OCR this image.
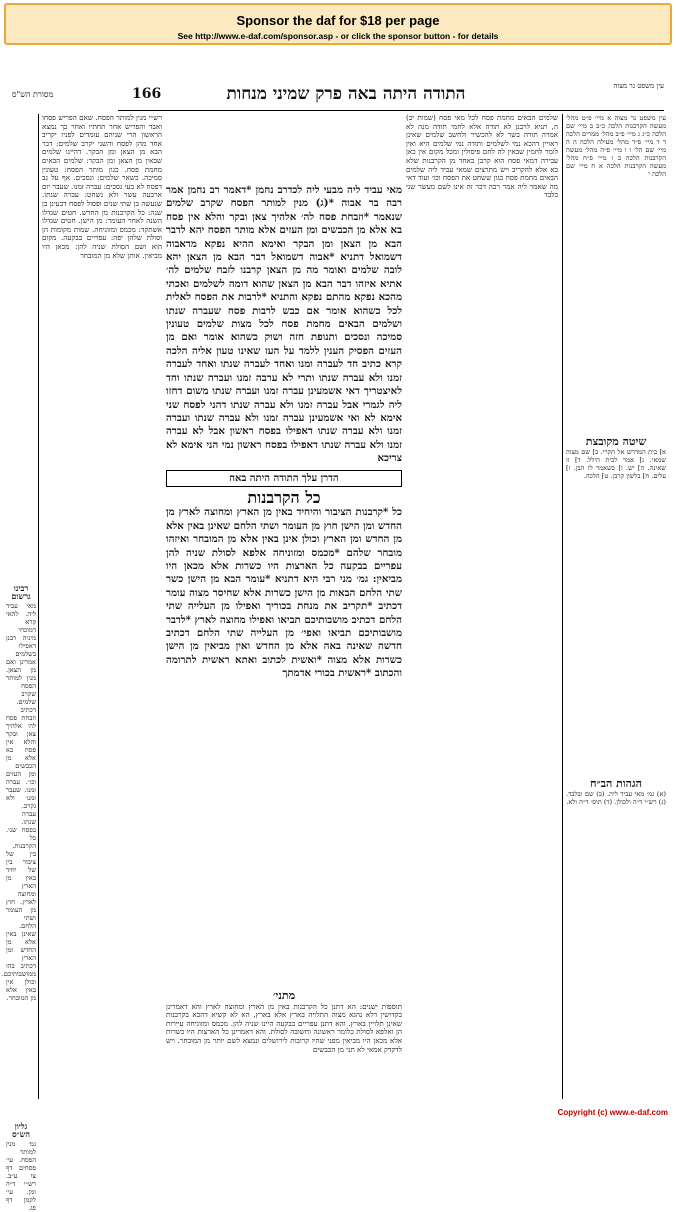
Sponsor the daf for $18 per page
See http://www.e-daf.com/sponsor.asp - or click the sponsor button - for details
מסורת הש"ס	166	התודה היתה באה פרק שמיני מנחות	עין משפט נר מצוה

עין משפט נר מצוה א מיי׳ פ״ט מהל׳ מעשה הקרבנות הלכה כ״ב ב מיי׳ שם הלכה כ״ג ג מיי׳ פ״ב מהל׳ ממרים הלכה ד ד מיי׳ פ״ד מהל׳ מעילה הלכה ה ה מיי׳ שם הל׳ ו ו מיי׳ פ״ה מהל׳ מעשה הקרבנות הלכה ב ז מיי׳ פ״ח מהל׳ מעשה הקרבנות הלכה א ח מיי׳ שם הלכה י

שיטה מקובצת

א] בית המדרש אל תקרי. ב] שם מצוה שמאי. ג] אמר לבית הילל. ד] זו שאינה. ה] יש. ו] כשאמר לו הבן. ז] עלים. ח] בלשון קרבן. ט] הלכה.

הגהות הב״ח

(א) גמ׳ מאי עביד ליה. (ב) שם ובלבד. (ג) רש״י ד״ה ולכולן. (ד) תוס׳ ד״ה ולא.

שלמים הבאים מחמת פסח לכל מאי פסח (שמות יב) ה, תניא לרבנן לא תודה אלא לחמי תודה מנה לא אמרה תורה בשר לא להכשיר ולחשב שלמים שאינן ראויין דהכא נמי לשלמים ותודה נמי שלמים היא ואין לומר לחמין שבאין לה לחם פיסולין ומכל מקום אין כאן עבירה דמאי פסח הוא קרבן כאחד מן הקרבנות שלא בא אלא להקריב ויש מתרצים שמאי עביד ליה שלמים הבאים מחמת פסח כגון ששחט את הפסח וכו׳ ועוד דאי מה שאמר ליה אמר רבה דבר זה אינו לשם מעשר שני בלבד

מאי עביד ליה מבעי ליה לכדרב נחמן *דאמר רב נחמן אמר רבה בר אבוה *(ג) מנין למותר הפסח שקרב שלמים שנאמר *וזבחת פסח לה׳ אלהיך צאן ובקר והלא אין פסח בא אלא מן הכבשים ומן העזים אלא מותר הפסח יהא לדבר הבא מן הצאן ומן הבקר ואימא ההיא נפקא מדאבוה דשמואל דתניא *אבוה דשמואל דבר הבא מן הצאן יהא לובה שלמים ואומר מה מן הצאן קרבנו לזבח שלמים לה׳ אתיא איזהו דבר הבא מן הצאן שהוא דומה לשלמים ואכתי מהכא נפקא מהתם נפקא והתניא *לרבות את הפסח לאלית לכל כשהוא אומר אם כבש לרבות פסח שעברה שנתו ושלמים הבאים מחמת פסח לכל מצות שלמים טעונין סמיכה ונסכים ותנופת חזה ושוק כשהוא אומר ואם מן העזים הפסיק הענין ללמד על העז שאינו טעון אליה הלכה קרא כתיב חד לעברה ומנו ואחד לעברה שנתו ואחד לעברה זמנו ולא עברה שנתו ותרי לא ערבה זמנו ועברה שנתו וחד לאיצטריך דאי אשמעינן עברה זמנו ועברה שנתו משום דחזו ליה לגמרי אבל עברה זמנו ולא עברה שנתו דהני לפסח שני אימא לא ואי אשמעינן עברה זמנו ולא עברה שנתו ועברה זמנו ולא עברה שנתו דאפילו בפסח ראשון אבל לא עברה זמנו ולא עברה שנתו דאפילו בפסח ראשון נמי הני אימא לא צריכא

הדרן עלך התודה היתה באה
כל הקרבנות

כל *קרבנות הציבור והיחיד באין מן הארץ ומחוצה לארץ מן החדש ומן הישן חוץ מן העומר ושתי הלחם שאינן באין אלא מן החדש ומן הארץ וכולן אינן באין אלא מן המובחר ואיזהו מובחר שלהם *מכמס ומזוניחה אלפא לסולת שניה להן עפריים בבקעה כל הארצות היו כשרות אלא מכאן היו מביאין: גמ׳ מני רבי היא דתניא *עומר הבא מן הישן כשר שתי הלחם הבאות מן הישן כשרות אלא שחיסר מצוה עומר דכתיב *תקריב את מנחת בכוריך ואפילו מן העלייה שתי הלחם דכתיב מושבותיכם תביאו ואפילו מחוצה לארץ *לדבר מושבותיכם תביאו ואפי׳ מן העלייה שתי הלחם דכתיב חדשה שאינה באה אלא מן החדש ואין מביאין מן הישן כשרות אלא מצוה *ואשית לכתוב ואתא ראשית לתרומה והכתוב *ראשית בכורי אדמתך

רש״י מנין למותר הפסח. שאם הפריש פסחו ואבד והפריש אחר תחתיו ואחר כך נמצא הראשון הרי שניהם עומדים לפניו יקריב אחד מהן לפסח והשני יקרב שלמים: דבר הבא מן הצאן ומן הבקר. דהיינו שלמים שבאין מן הצאן ומן הבקר: שלמים הבאים מחמת פסח. כגון מותר הפסח: טעונין סמיכה. כשאר שלמים: ונסכים. אף על גב דפסח לא בעי נסכים: עברה זמנו. שעבר יום ארבעה עשר ולא נשחט: עברה שנתו. שנעשה בן שתי שנים ופסול לפסח דבעינן בן שנה: כל הקרבנות מן החדש. חטים שגדלו השנה לאחר העומר: מן הישן. חטים שגדלו אשתקד: מכמס ומזוניחה. שמות מקומות הן וסולת שלהן יפה: עפריים בבקעה. מקום הוא ושם הסולת שניה להן: מכאן היו מביאין. אותן שלא מן המובחר

רבינו גרשום

מאי עביד ליה. להאי קרא דמוכחי מיניה רבנן דאפילו בשלמים אמרינן ואם מן הצאן. מנין למותר הפסח שקרב שלמים. דכתיב וזבחת פסח לה׳ אלהיך צאן ובקר והלא אין פסח בא אלא מן הכבשים ומן העזים וכו׳. עברה זמנו. שעבר זמנו ולא נקרב. עברה שנתו. בפסח שני. כל הקרבנות. בין של ציבור בין של יחיד באין מן הארץ ומחוצה לארץ. חוץ מן העומר ושתי הלחם. שאינן באין אלא מן החדש ומן הארץ דכתיב בהו ממושבותיכם. וכולן אין באין אלא מן המובחר.

גליון הש״ס

גמ׳ מנין למותר הפסח. עי׳ פסחים דף צו ע״ב. רש״י ד״ה ומן. עי׳ לקמן דף פג.

מתני׳

תוספות ישנים: הא דתנן כל הקרבנות באין מן הארץ ומחוצה לארץ והא דאמרינן בקדושין דלא נהגא מצוה התלויה בארץ אלא בארץ, הא לא קשיא דהכא בקרבנות שאינן תלויין בארץ. והא דתנן עפריים בבקעה היינו שניה להן. מכמס ומזוניחה עיירות הן ואלפא לסולת כלומר ראשונה וחשובה לסולת. והא דאמרינן כל הארצות היו כשרות אלא מכאן היו מביאין מפני שהיו קרובות לירושלים ונמצא לשם יותר מן המובחר. ויש לדקדק אמאי לא תני מן הכבשים

Copyright (c) www.e-daf.com
